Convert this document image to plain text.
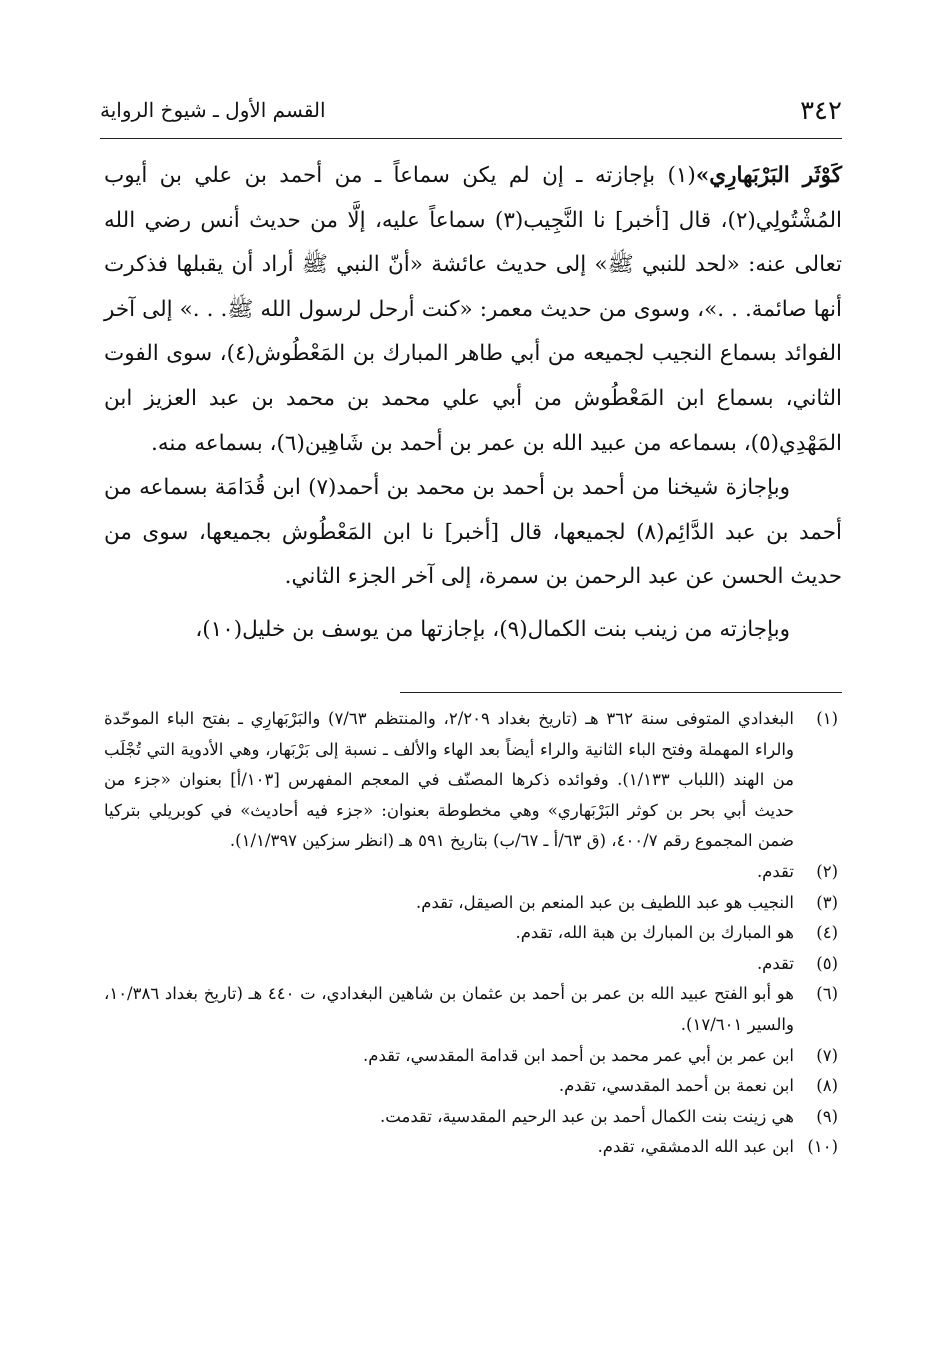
٣٤٢
القسم الأول ـ شيوخ الرواية

كَوْثَر البَرْبَهارِي»(١) بإجازته ـ إن لم يكن سماعاً ـ من أحمد بن علي بن أيوب المُشْتُولِي(٢)، قال [أخبر] نا النَّجِيب(٣) سماعاً عليه، إلَّا من حديث أنس رضي الله تعالى عنه: «لحد للنبي ﷺ» إلى حديث عائشة «أنّ النبي ﷺ أراد أن يقبلها فذكرت أنها صائمة. . .»، وسوى من حديث معمر: «كنت أرحل لرسول الله ﷺ. . .» إلى آخر الفوائد بسماع النجيب لجميعه من أبي طاهر المبارك بن المَعْطُوش(٤)، سوى الفوت الثاني، بسماع ابن المَعْطُوش من أبي علي محمد بن محمد بن عبد العزيز ابن المَهْدِي(٥)، بسماعه من عبيد الله بن عمر بن أحمد بن شَاهِين(٦)، بسماعه منه.

وبإجازة شيخنا من أحمد بن أحمد بن محمد بن أحمد(٧) ابن قُدَامَة بسماعه من أحمد بن عبد الدَّائِم(٨) لجميعها، قال [أخبر] نا ابن المَعْطُوش بجميعها، سوى من حديث الحسن عن عبد الرحمن بن سمرة، إلى آخر الجزء الثاني.

وبإجازته من زينب بنت الكمال(٩)، بإجازتها من يوسف بن خليل(١٠)،

(١)
البغدادي المتوفى سنة ٣٦٢ هـ (تاريخ بغداد ٢/٢٠٩، والمنتظم ٧/٦٣) والبَرْبَهارِي ـ بفتح الباء الموحّدة والراء المهملة وفتح الباء الثانية والراء أيضاً بعد الهاء والألف ـ نسبة إلى بَرْبَهار، وهي الأدوية التي تُجْلَب من الهند (اللباب ١/١٣٣). وفوائده ذكرها المصنّف في المعجم المفهرس [١٠٣/أ] بعنوان «جزء من حديث أبي بحر بن كوثر البَرْبَهاري» وهي مخطوطة بعنوان: «جزء فيه أحاديث» في كوبريلي بتركيا ضمن المجموع رقم ٤٠٠/٧، (ق ٦٣/أ ـ ٦٧/ب) بتاريخ ٥٩١ هـ (انظر سزكين ١/١/٣٩٧).
(٢)
تقدم.
(٣)
النجيب هو عبد اللطيف بن عبد المنعم بن الصيقل، تقدم.
(٤)
هو المبارك بن المبارك بن هبة الله، تقدم.
(٥)
تقدم.
(٦)
هو أبو الفتح عبيد الله بن عمر بن أحمد بن عثمان بن شاهين البغدادي، ت ٤٤٠ هـ (تاريخ بغداد ١٠/٣٨٦، والسير ١٧/٦٠١).
(٧)
ابن عمر بن أبي عمر محمد بن أحمد ابن قدامة المقدسي، تقدم.
(٨)
ابن نعمة بن أحمد المقدسي، تقدم.
(٩)
هي زينت بنت الكمال أحمد بن عبد الرحيم المقدسية، تقدمت.
(١٠)
ابن عبد الله الدمشقي، تقدم.
